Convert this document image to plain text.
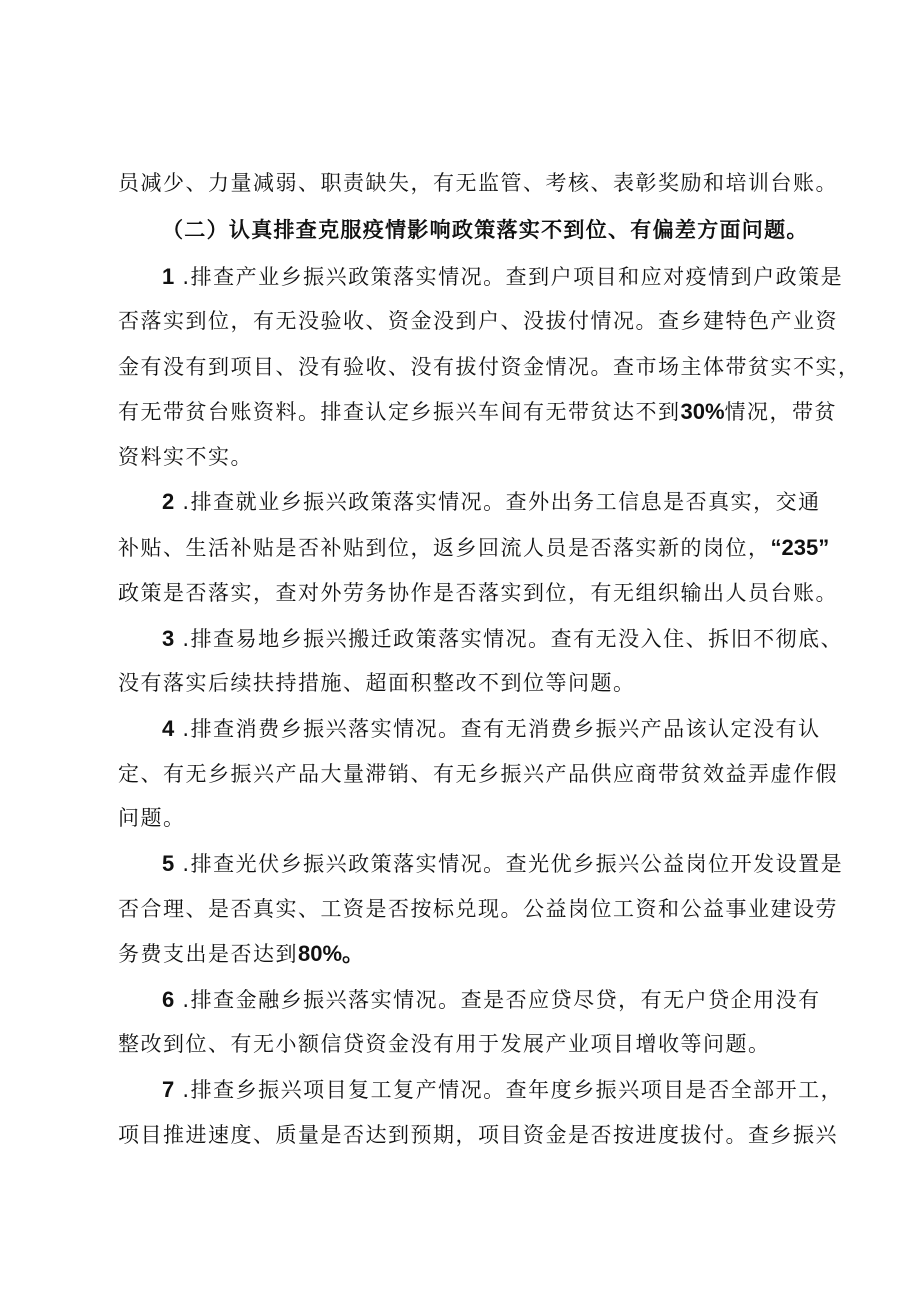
员减少、力量减弱、职责缺失，有无监管、考核、表彰奖励和培训台账。
（二）认真排查克服疫情影响政策落实不到位、有偏差方面问题。
1 .排查产业乡振兴政策落实情况。查到户项目和应对疫情到户政策是
否落实到位，有无没验收、资金没到户、没拔付情况。查乡建特色产业资
金有没有到项目、没有验收、没有拔付资金情况。查市场主体带贫实不实，
有无带贫台账资料。排查认定乡振兴车间有无带贫达不到30%情况，带贫
资料实不实。
2 .排查就业乡振兴政策落实情况。查外出务工信息是否真实，交通
补贴、生活补贴是否补贴到位，返乡回流人员是否落实新的岗位，“235”
政策是否落实，查对外劳务协作是否落实到位，有无组织输出人员台账。
3 .排查易地乡振兴搬迁政策落实情况。查有无没入住、拆旧不彻底、
没有落实后续扶持措施、超面积整改不到位等问题。
4 .排查消费乡振兴落实情况。查有无消费乡振兴产品该认定没有认
定、有无乡振兴产品大量滞销、有无乡振兴产品供应商带贫效益弄虚作假
问题。
5 .排查光伏乡振兴政策落实情况。查光优乡振兴公益岗位开发设置是
否合理、是否真实、工资是否按标兑现。公益岗位工资和公益事业建设劳
务费支出是否达到80%。
6 .排查金融乡振兴落实情况。查是否应贷尽贷，有无户贷企用没有
整改到位、有无小额信贷资金没有用于发展产业项目增收等问题。
7 .排查乡振兴项目复工复产情况。查年度乡振兴项目是否全部开工，
项目推进速度、质量是否达到预期，项目资金是否按进度拔付。查乡振兴
